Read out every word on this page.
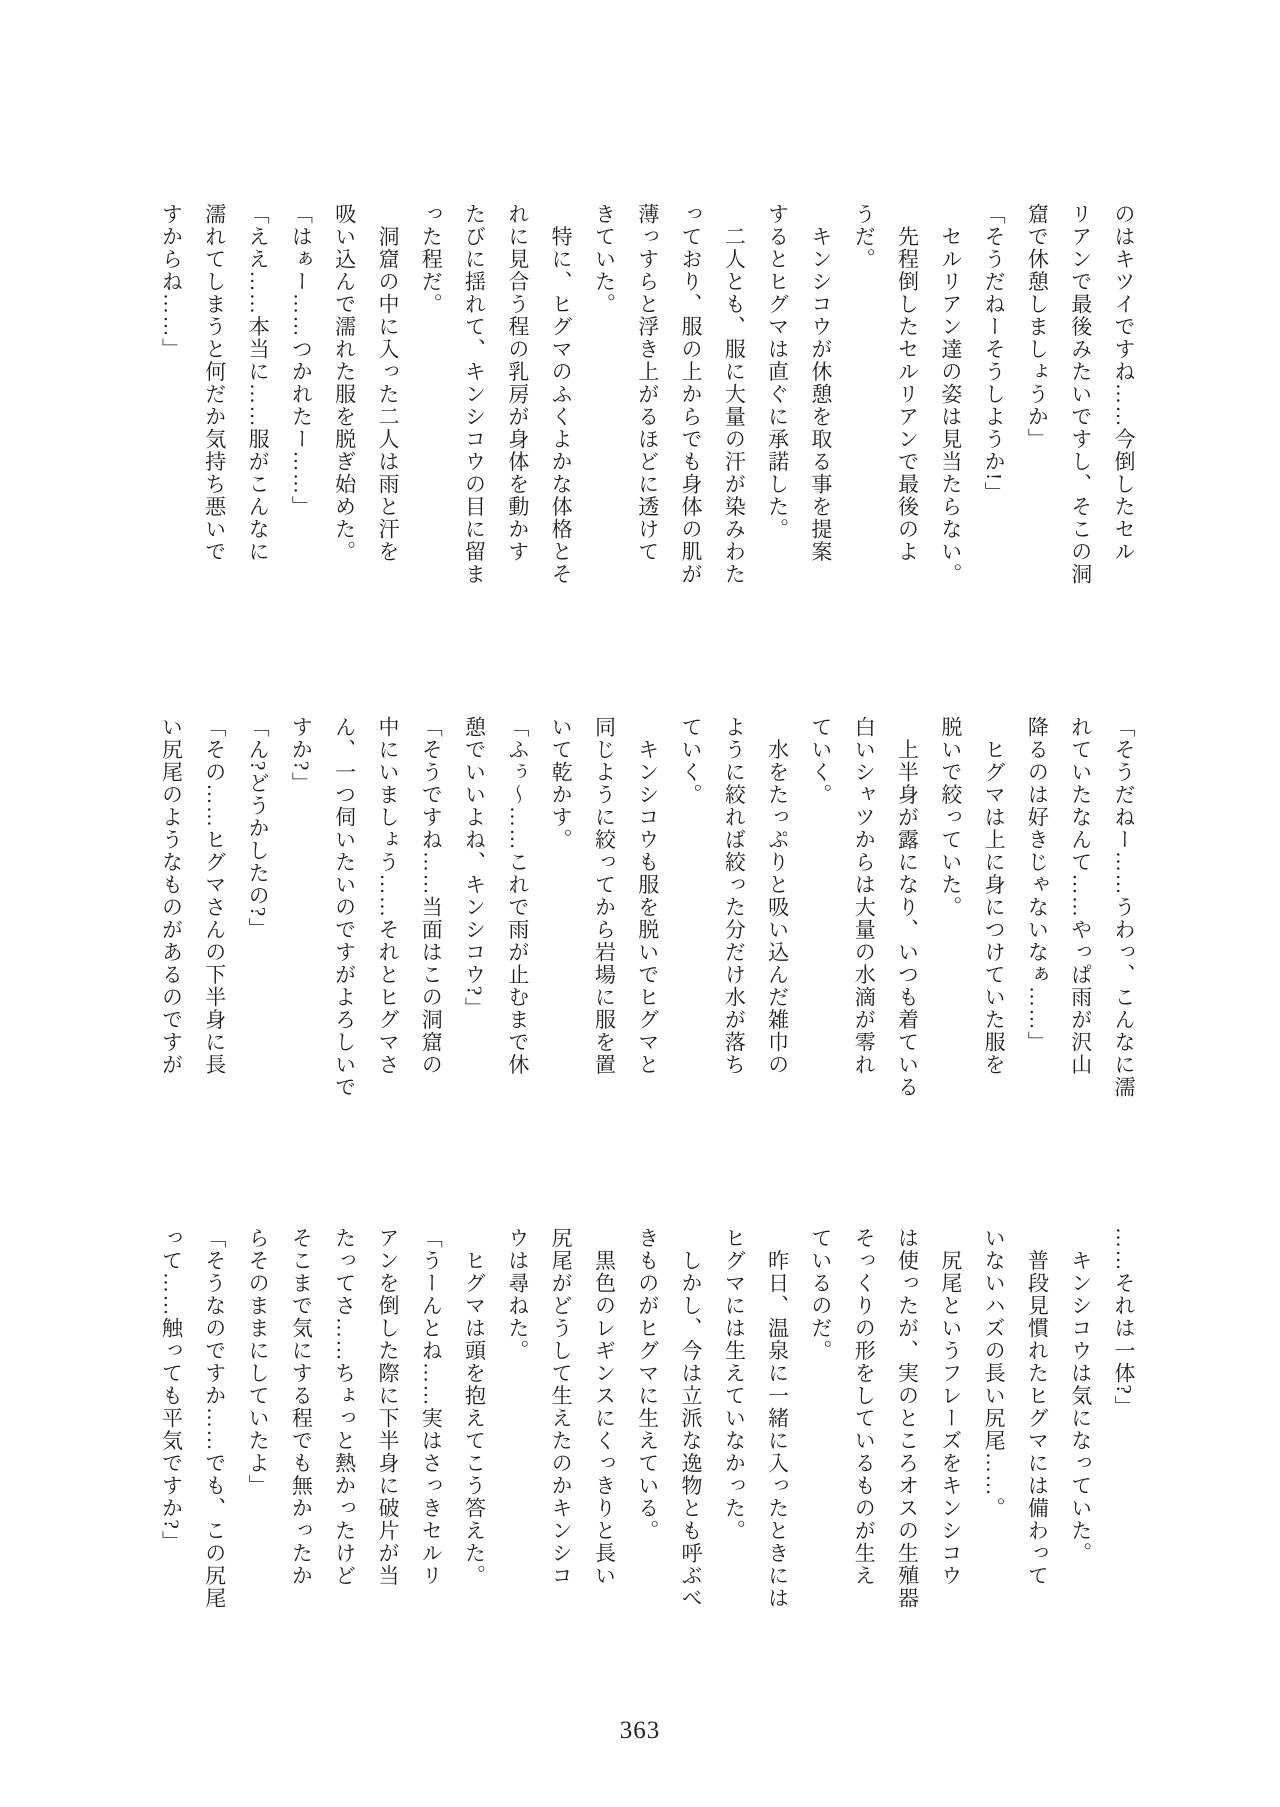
のはキツイですね……今倒したセル

リアンで最後みたいですし、そこの洞

窟で休憩しましょうか」

「そうだねーそうしようか!」

　セルリアン達の姿は見当たらない。

　先程倒したセルリアンで最後のよ

うだ。

　キンシコウが休憩を取る事を提案

するとヒグマは直ぐに承諾した。

　二人とも、服に大量の汗が染みわた

っており、服の上からでも身体の肌が

薄っすらと浮き上がるほどに透けて

きていた。

　特に、ヒグマのふくよかな体格とそ

れに見合う程の乳房が身体を動かす

たびに揺れて、キンシコウの目に留ま

った程だ。

　洞窟の中に入った二人は雨と汗を

吸い込んで濡れた服を脱ぎ始めた。

「はぁー……つかれたー……」

「ええ……本当に……服がこんなに

濡れてしまうと何だか気持ち悪いで

すからね……」

「そうだねー……うわっ、こんなに濡

れていたなんて……やっぱ雨が沢山

降るのは好きじゃないなぁ……」

　ヒグマは上に身につけていた服を

脱いで絞っていた。

　上半身が露になり、いつも着ている

白いシャツからは大量の水滴が零れ

ていく。

　水をたっぷりと吸い込んだ雑巾の

ように絞れば絞った分だけ水が落ち

ていく。

　キンシコウも服を脱いでヒグマと

同じように絞ってから岩場に服を置

いて乾かす。

「ふぅ〜……これで雨が止むまで休

憩でいいよね、キンシコウ?」

「そうですね……当面はこの洞窟の

中にいましょう……それとヒグマさ

ん、一つ伺いたいのですがよろしいで

すか?」

「ん?どうかしたの?」

「その……ヒグマさんの下半身に長

い尻尾のようなものがあるのですが

……それは一体?」

　キンシコウは気になっていた。

　普段見慣れたヒグマには備わって

いないハズの長い尻尾……。

　尻尾というフレーズをキンシコウ

は使ったが、実のところオスの生殖器

そっくりの形をしているものが生え

ているのだ。

　昨日、温泉に一緒に入ったときには

ヒグマには生えていなかった。

　しかし、今は立派な逸物とも呼ぶべ

きものがヒグマに生えている。

　黒色のレギンスにくっきりと長い

尻尾がどうして生えたのかキンシコ

ウは尋ねた。

　ヒグマは頭を抱えてこう答えた。

「うーんとね……実はさっきセルリ

アンを倒した際に下半身に破片が当

たってさ……ちょっと熱かったけど

そこまで気にする程でも無かったか

らそのままにしていたよ」

「そうなのですか……でも、この尻尾

って……触っても平気ですか?」

363
